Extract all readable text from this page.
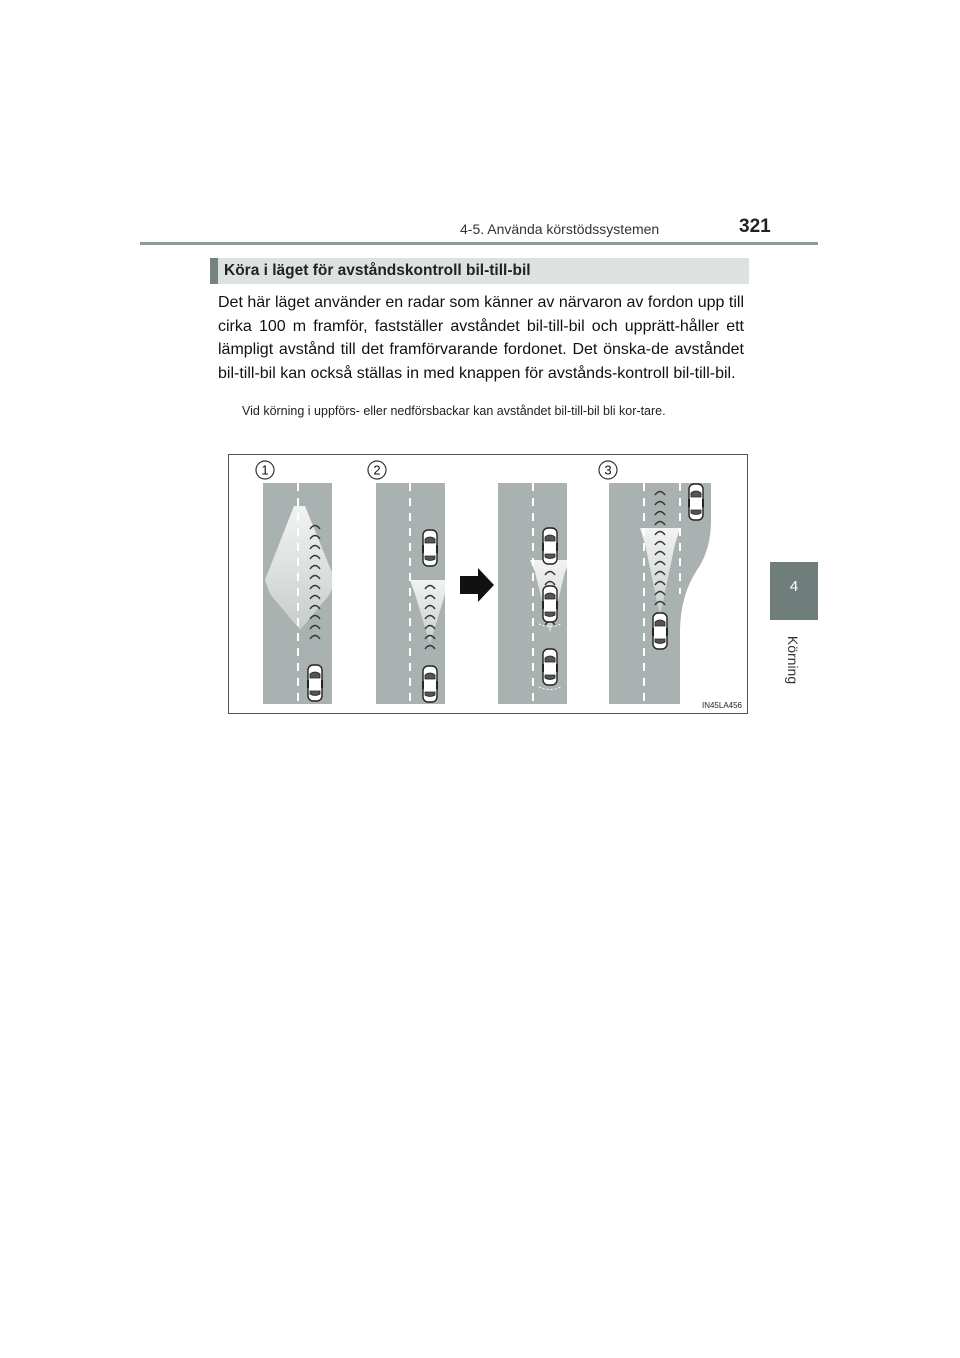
4-5. Använda körstödssystemen	321
4
Körning
Köra i läget för avståndskontroll bil-till-bil
Det här läget använder en radar som känner av närvaron av fordon upp till cirka 100 m framför, fastställer avståndet bil-till-bil och upprätt-håller ett lämpligt avstånd till det framförvarande fordonet. Det önska-de avståndet bil-till-bil kan också ställas in med knappen för avstånds-kontroll bil-till-bil.
Vid körning i uppförs- eller nedförsbackar kan avståndet bil-till-bil bli kor-tare.
1	2	3
IN45LA456
